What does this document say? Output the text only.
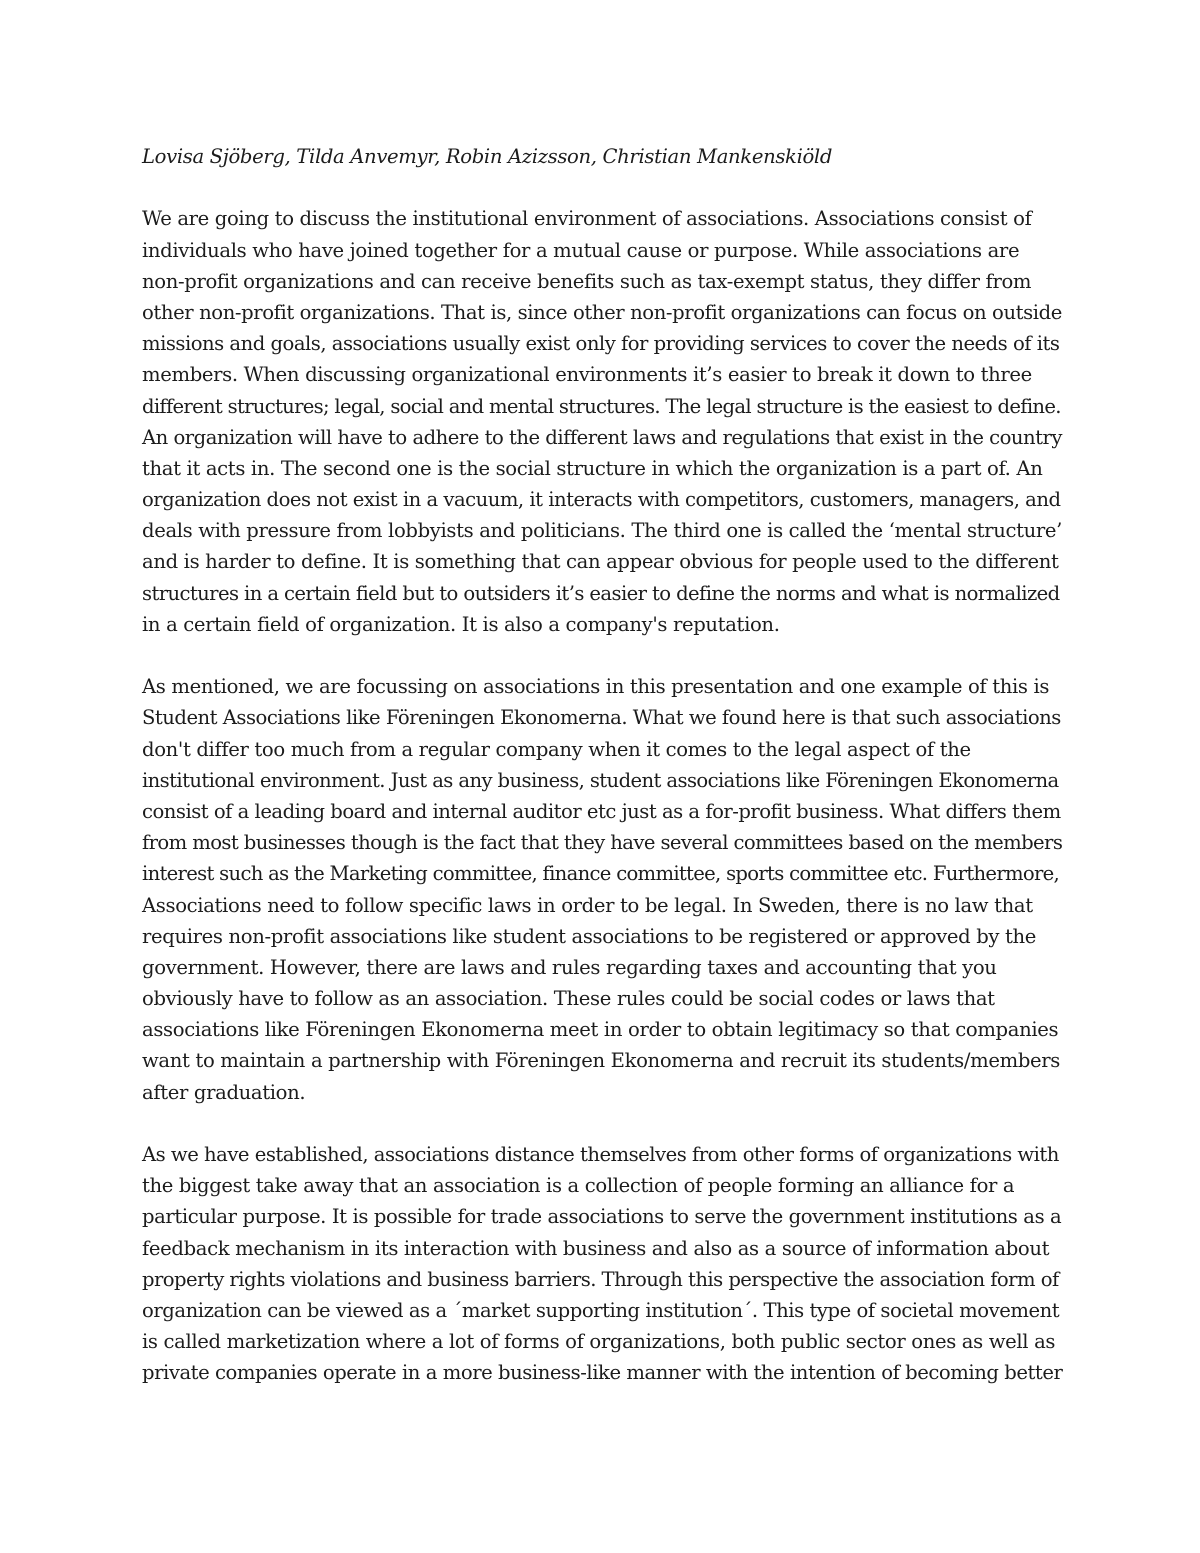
Lovisa Sjöberg, Tilda Anvemyr, Robin Azizsson, Christian Mankenskiöld
We are going to discuss the institutional environment of associations. Associations consist of
individuals who have joined together for a mutual cause or purpose. While associations are
non-profit organizations and can receive benefits such as tax-exempt status, they differ from
other non-profit organizations. That is, since other non-profit organizations can focus on outside
missions and goals, associations usually exist only for providing services to cover the needs of its
members. When discussing organizational environments it’s easier to break it down to three
different structures; legal, social and mental structures. The legal structure is the easiest to define.
An organization will have to adhere to the different laws and regulations that exist in the country
that it acts in. The second one is the social structure in which the organization is a part of. An
organization does not exist in a vacuum, it interacts with competitors, customers, managers, and
deals with pressure from lobbyists and politicians. The third one is called the ‘mental structure’
and is harder to define. It is something that can appear obvious for people used to the different
structures in a certain field but to outsiders it’s easier to define the norms and what is normalized
in a certain field of organization. It is also a company's reputation.
As mentioned, we are focussing on associations in this presentation and one example of this is
Student Associations like Föreningen Ekonomerna. What we found here is that such associations
don't differ too much from a regular company when it comes to the legal aspect of the
institutional environment. Just as any business, student associations like Föreningen Ekonomerna
consist of a leading board and internal auditor etc just as a for-profit business. What differs them
from most businesses though is the fact that they have several committees based on the members
interest such as the Marketing committee, finance committee, sports committee etc. Furthermore,
Associations need to follow specific laws in order to be legal. In Sweden, there is no law that
requires non-profit associations like student associations to be registered or approved by the
government. However, there are laws and rules regarding taxes and accounting that you
obviously have to follow as an association. These rules could be social codes or laws that
associations like Föreningen Ekonomerna meet in order to obtain legitimacy so that companies
want to maintain a partnership with Föreningen Ekonomerna and recruit its students/members
after graduation.
As we have established, associations distance themselves from other forms of organizations with
the biggest take away that an association is a collection of people forming an alliance for a
particular purpose. It is possible for trade associations to serve the government institutions as a
feedback mechanism in its interaction with business and also as a source of information about
property rights violations and business barriers. Through this perspective the association form of
organization can be viewed as a ´market supporting institution´. This type of societal movement
is called marketization where a lot of forms of organizations, both public sector ones as well as
private companies operate in a more business-like manner with the intention of becoming better
